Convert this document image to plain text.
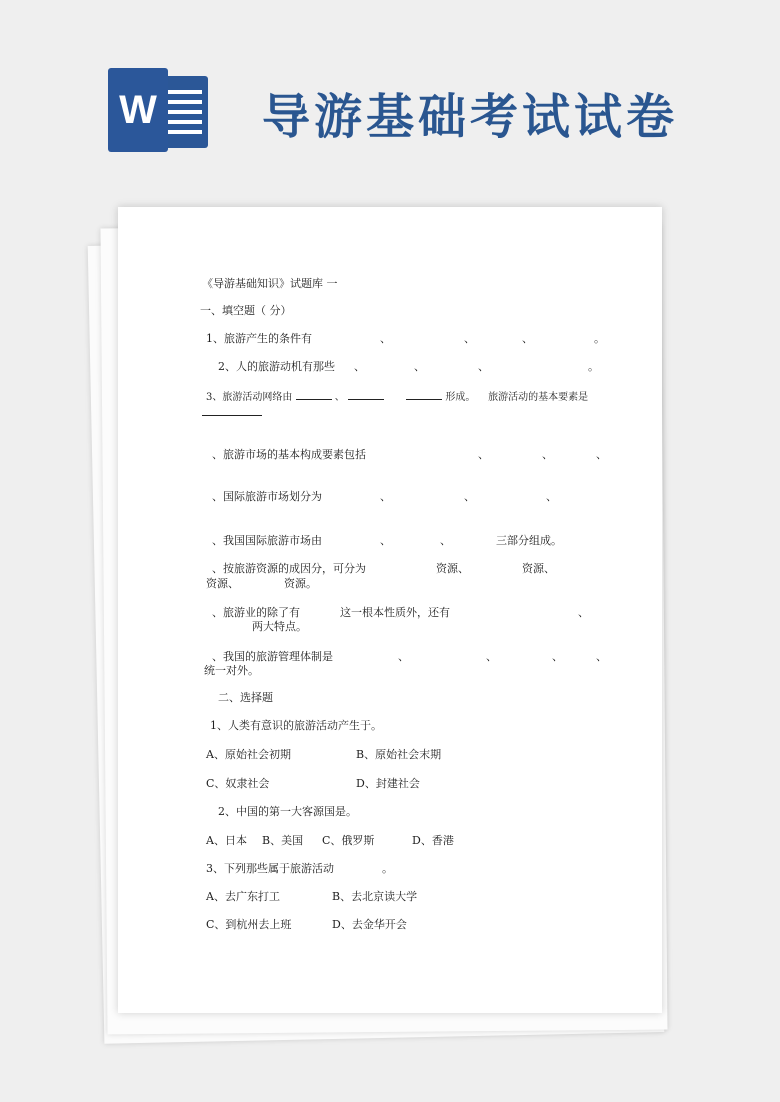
W 导游基础考试试卷
《导游基础知识》试题库 一
一、填空题（ 分）
1、旅游产生的条件有	、	、	、	。
2、人的旅游动机有那些 、	、	、	。
3、旅游活动网络由	、	形成。 旅游活动的基本要素是
、旅游市场的基本构成要素包括	、	、	、
、国际旅游市场划分为	、	、	、
、我国国际旅游市场由	、	、	三部分组成。
、按旅游资源的成因分，可分为	资源、	资源、
资源、	资源。
、旅游业的除了有	这一根本性质外，还有	、
两大特点。
、我国的旅游管理体制是	、	、	、	、
统一对外。
二、选择题
1、人类有意识的旅游活动产生于。
A、原始社会初期	B、原始社会末期
C、奴隶社会	D、封建社会
2、中国的第一大客源国是。
A、日本 B、美国 C、俄罗斯	D、香港
3、下列那些属于旅游活动	。
A、去广东打工	B、去北京读大学
C、到杭州去上班	D、去金华开会
